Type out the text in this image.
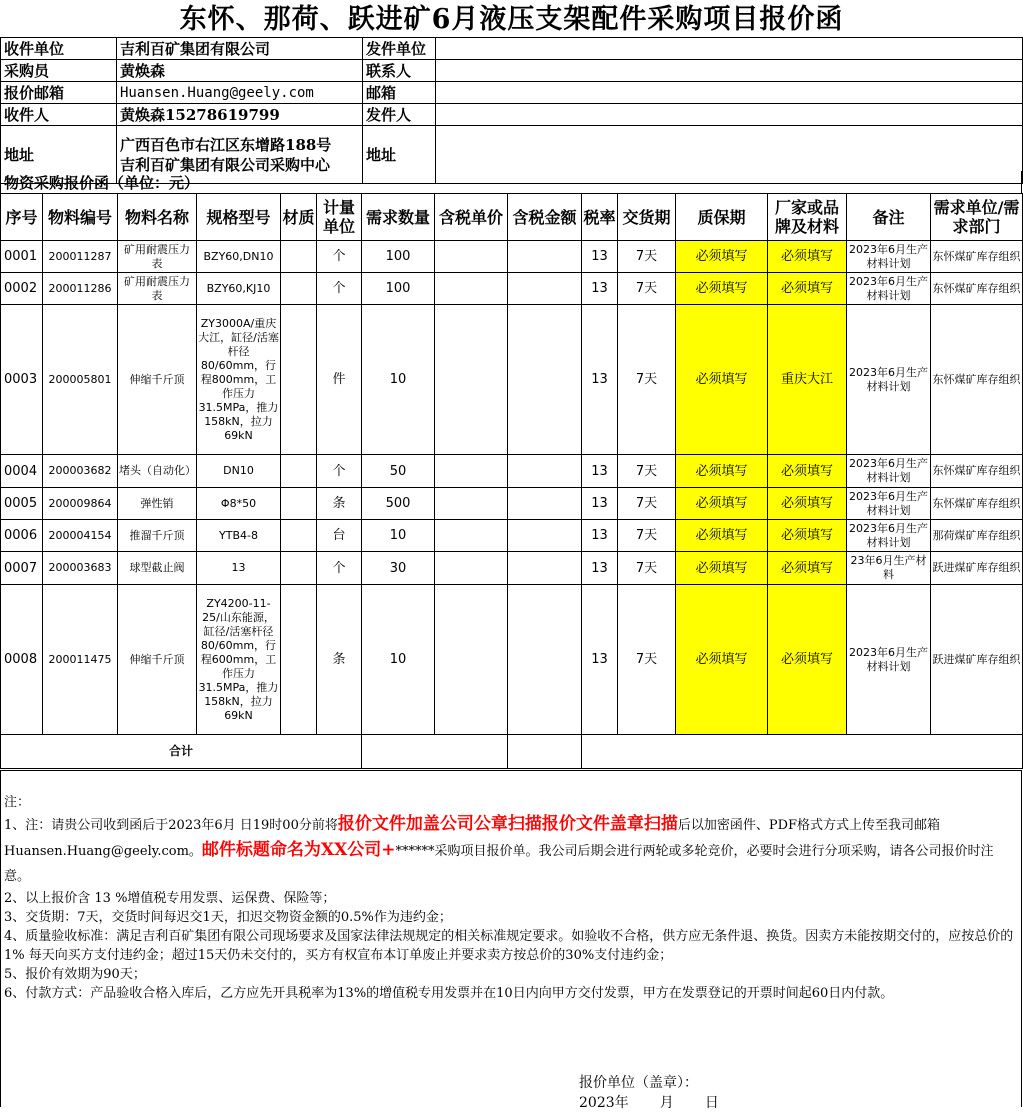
东怀、那荷、跃进矿6月液压支架配件采购项目报价函
收件单位	吉利百矿集团有限公司	发件单位	
采购员	黄焕森	联系人	
报价邮箱	Huansen.Huang@geely.com	邮箱	
收件人	黄焕森15278619799	发件人	
地址	广西百色市右江区东增路188号
吉利百矿集团有限公司采购中心	地址	
物资采购报价函（单位：元）
序号	物料编号	物料名称	规格型号	材质	计量单位	需求数量	含税单价	含税金额	税率	交货期	质保期	厂家或品牌及材料	备注	需求单位/需求部门
0001	200011287	矿用耐震压力表	BZY60,DN10		个	100			13	7天	必须填写	必须填写	2023年6月生产材料计划	东怀煤矿库存组织
0002	200011286	矿用耐震压力表	BZY60,KJ10		个	100			13	7天	必须填写	必须填写	2023年6月生产材料计划	东怀煤矿库存组织
0003	200005801	伸缩千斤顶	ZY3000A/重庆大江，缸径/活塞杆径80/60mm，行程800mm，工作压力31.5MPa，推力158kN，拉力69kN		件	10			13	7天	必须填写	重庆大江	2023年6月生产材料计划	东怀煤矿库存组织
0004	200003682	堵头（自动化）	DN10		个	50			13	7天	必须填写	必须填写	2023年6月生产材料计划	东怀煤矿库存组织
0005	200009864	弹性销	Φ8*50		条	500			13	7天	必须填写	必须填写	2023年6月生产材料计划	东怀煤矿库存组织
0006	200004154	推溜千斤顶	YTB4-8		台	10			13	7天	必须填写	必须填写	2023年6月生产材料计划	那荷煤矿库存组织
0007	200003683	球型截止阀	13		个	30			13	7天	必须填写	必须填写	23年6月生产材料	跃进煤矿库存组织
0008	200011475	伸缩千斤顶	ZY4200-11-25/山东能源，缸径/活塞杆径80/60mm，行程600mm，工作压力31.5MPa，推力158kN，拉力69kN		条	10			13	7天	必须填写	必须填写	2023年6月生产材料计划	跃进煤矿库存组织
合计														

注：

1、注：请贵公司收到函后于2023年6月 日19时00分前将报价文件加盖公司公章扫描报价文件盖章扫描后以加密函件、PDF格式方式上传至我司邮箱Huansen.Huang@geely.com。邮件标题命名为XX公司+******采购项目报价单。我公司后期会进行两轮或多轮竞价，必要时会进行分项采购，请各公司报价时注意。

2、以上报价含 13 %增值税专用发票、运保费、保险等；

3、交货期：7天，交货时间每迟交1天，扣迟交物资金额的0.5%作为违约金；

4、质量验收标准：满足吉利百矿集团有限公司现场要求及国家法律法规规定的相关标准规定要求。如验收不合格，供方应无条件退、换货。因卖方未能按期交付的，应按总价的1% 每天向买方支付违约金；超过15天仍未交付的，买方有权宣布本订单废止并要求卖方按总价的30%支付违约金；

5、报价有效期为90天；

6、付款方式：产品验收合格入库后，乙方应先开具税率为13%的增值税专用发票并在10日内向甲方交付发票，甲方在发票登记的开票时间起60日内付款。

报价单位（盖章）：
2023年       月       日
